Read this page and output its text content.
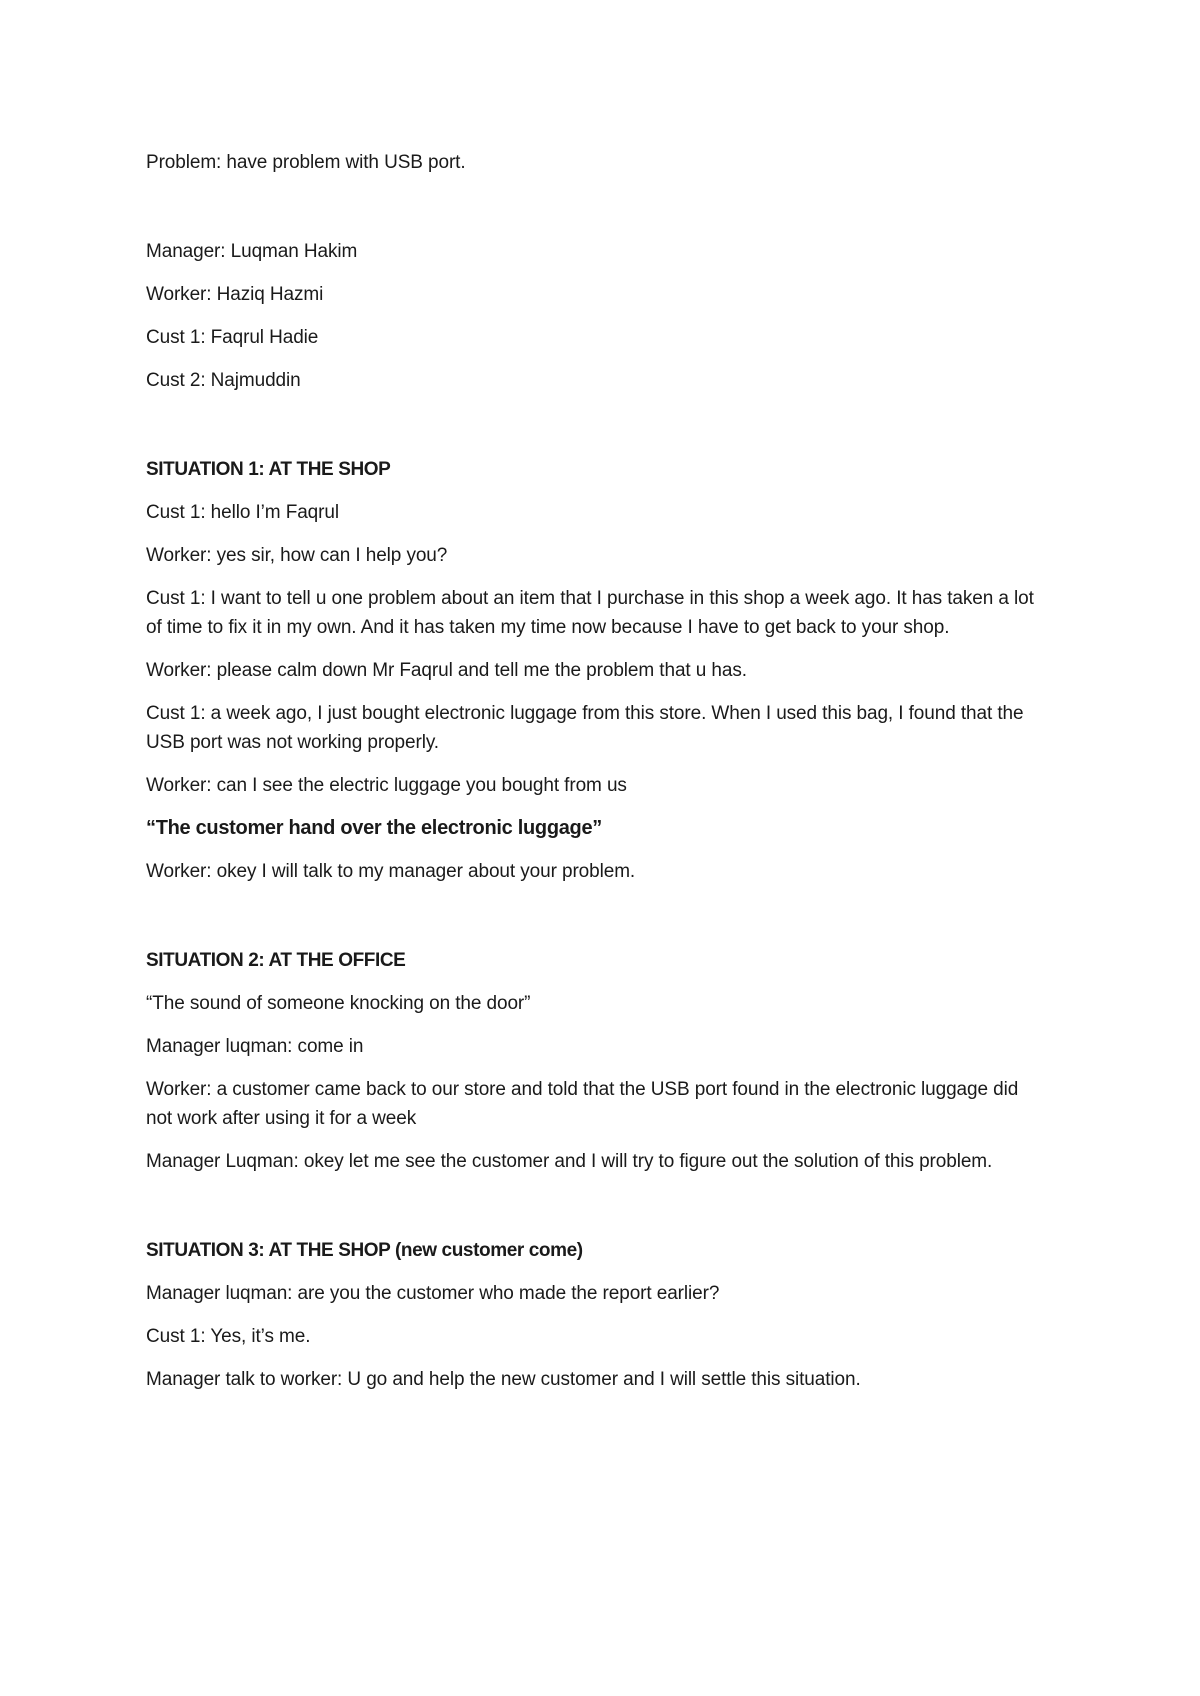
Problem: have problem with USB port.

Manager: Luqman Hakim

Worker: Haziq Hazmi

Cust 1: Faqrul Hadie

Cust 2: Najmuddin

SITUATION 1: AT THE SHOP

Cust 1: hello I’m Faqrul

Worker: yes sir, how can I help you?

Cust 1: I want to tell u one problem about an item that I purchase in this shop a week ago. It has taken a lot of time to fix it in my own. And it has taken my time now because I have to get back to your shop.

Worker: please calm down Mr Faqrul and tell me the problem that u has.

Cust 1: a week ago, I just bought electronic luggage from this store. When I used this bag, I found that the USB port was not working properly.

Worker: can I see the electric luggage you bought from us

“The customer hand over the electronic luggage”

Worker: okey I will talk to my manager about your problem.

SITUATION 2: AT THE OFFICE

“The sound of someone knocking on the door”

Manager luqman: come in

Worker: a customer came back to our store and told that the USB port found in the electronic luggage did not work after using it for a week

Manager Luqman: okey let me see the customer and I will try to figure out the solution of this problem.

SITUATION 3: AT THE SHOP (new customer come)

Manager luqman: are you the customer who made the report earlier?

Cust 1: Yes, it’s me.

Manager talk to worker: U go and help the new customer and I will settle this situation.
